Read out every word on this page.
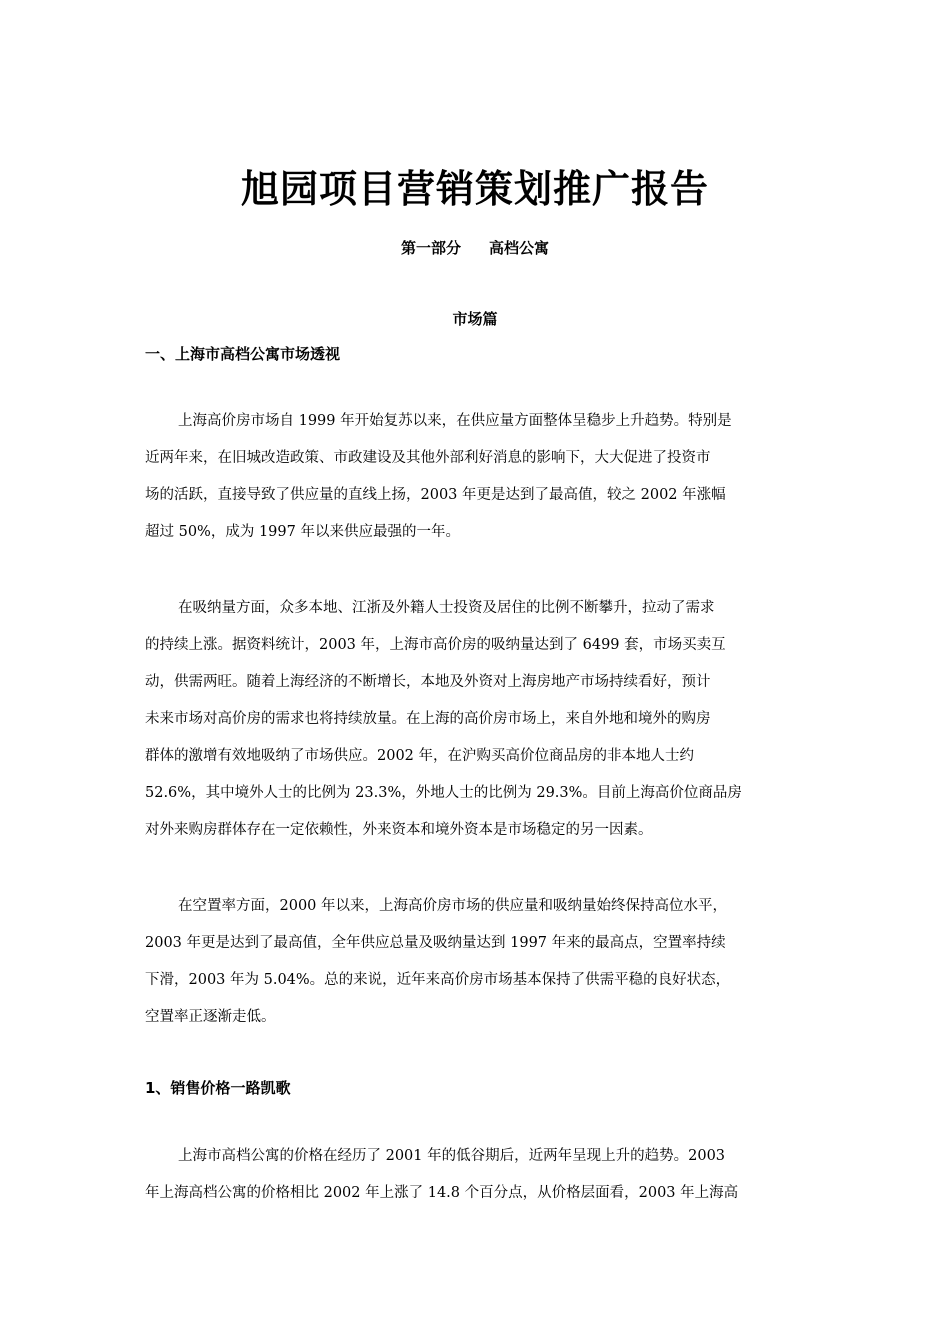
旭园项目营销策划推广报告
第一部分 高档公寓
市场篇
一、上海市高档公寓市场透视
上海高价房市场自 1999 年开始复苏以来，在供应量方面整体呈稳步上升趋势。特别是
近两年来，在旧城改造政策、市政建设及其他外部利好消息的影响下，大大促进了投资市
场的活跃，直接导致了供应量的直线上扬，2003 年更是达到了最高值，较之 2002 年涨幅
超过 50%，成为 1997 年以来供应最强的一年。
在吸纳量方面，众多本地、江浙及外籍人士投资及居住的比例不断攀升，拉动了需求
的持续上涨。据资料统计，2003 年，上海市高价房的吸纳量达到了 6499 套，市场买卖互
动，供需两旺。随着上海经济的不断增长，本地及外资对上海房地产市场持续看好，预计
未来市场对高价房的需求也将持续放量。在上海的高价房市场上，来自外地和境外的购房
群体的激增有效地吸纳了市场供应。2002 年，在沪购买高价位商品房的非本地人士约
52.6%，其中境外人士的比例为 23.3%，外地人士的比例为 29.3%。目前上海高价位商品房
对外来购房群体存在一定依赖性，外来资本和境外资本是市场稳定的另一因素。
在空置率方面，2000 年以来，上海高价房市场的供应量和吸纳量始终保持高位水平，
2003 年更是达到了最高值，全年供应总量及吸纳量达到 1997 年来的最高点，空置率持续
下滑，2003 年为 5.04%。总的来说，近年来高价房市场基本保持了供需平稳的良好状态，
空置率正逐渐走低。
1、销售价格一路凯歌
上海市高档公寓的价格在经历了 2001 年的低谷期后，近两年呈现上升的趋势。2003
年上海高档公寓的价格相比 2002 年上涨了 14.8 个百分点，从价格层面看，2003 年上海高
